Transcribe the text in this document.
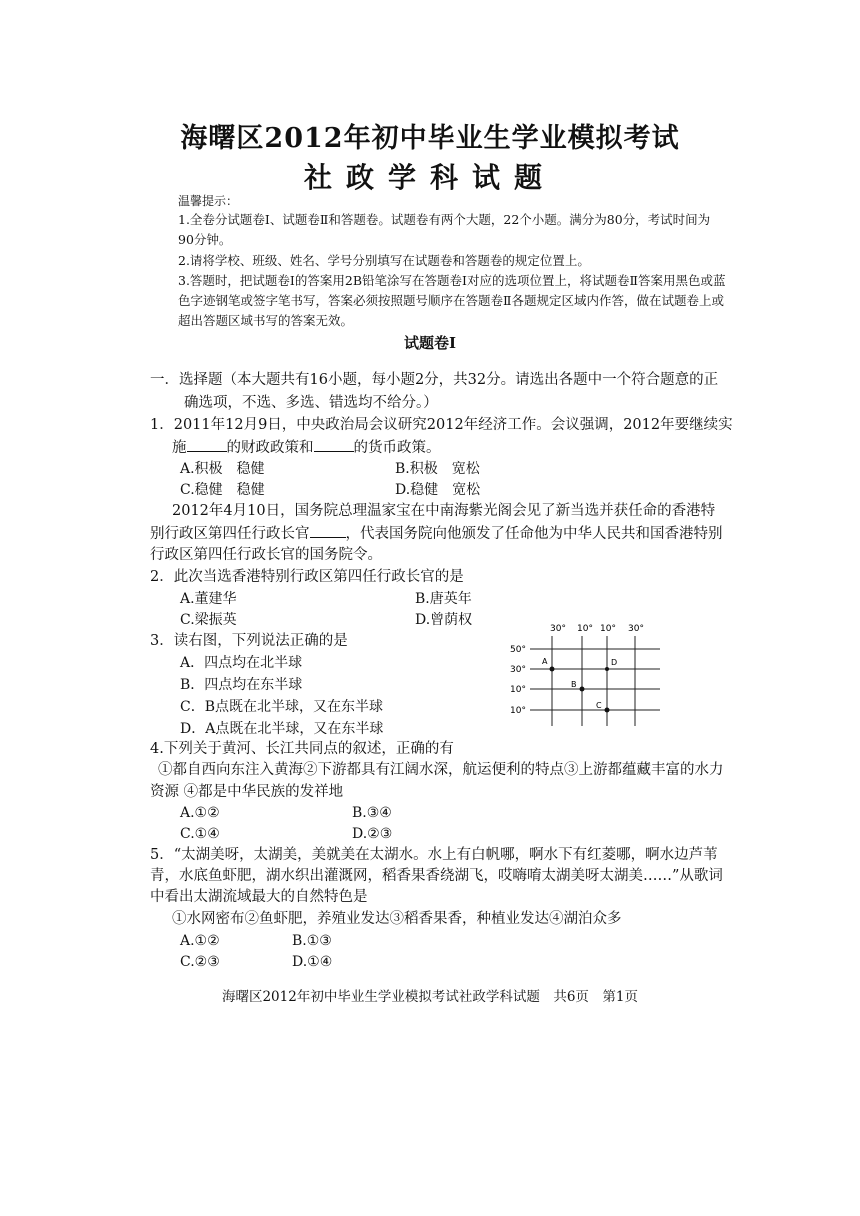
海曙区2012年初中毕业生学业模拟考试
社政学科试题
温馨提示：
1.全卷分试题卷Ⅰ、试题卷Ⅱ和答题卷。试题卷有两个大题，22个小题。满分为80分，考试时间为90分钟。
2.请将学校、班级、姓名、学号分别填写在试题卷和答题卷的规定位置上。
3.答题时，把试题卷Ⅰ的答案用2B铅笔涂写在答题卷Ⅰ对应的选项位置上，将试题卷Ⅱ答案用黑色或蓝色字迹钢笔或签字笔书写，答案必须按照题号顺序在答题卷Ⅱ各题规定区域内作答，做在试题卷上或超出答题区域书写的答案无效。
试题卷Ⅰ
一．选择题（本大题共有16小题，每小题2分，共32分。请选出各题中一个符合题意的正
确选项，不选、多选、错选均不给分。）
1．2011年12月9日，中央政治局会议研究2012年经济工作。会议强调，2012年要继续实
施	的财政政策和	的货币政策。
A.积极　稳健	B.积极　宽松
C.稳健　稳健	D.稳健　宽松
2012年4月10日，国务院总理温家宝在中南海紫光阁会见了新当选并获任命的香港特
别行政区第四任行政长官 ，代表国务院向他颁发了任命他为中华人民共和国香港特别
行政区第四任行政长官的国务院令。
2．此次当选香港特别行政区第四任行政长官的是
A.董建华	B.唐英年
C.梁振英	D.曾荫权
3．读右图，下列说法正确的是
A．四点均在北半球
B．四点均在东半球
C．B点既在北半球，又在东半球
D．A点既在北半球，又在东半球
30° 10° 10° 30°
50°
30°
10°
10°
A
B
C
D
4.下列关于黄河、长江共同点的叙述，正确的有
①都自西向东注入黄海②下游都具有江阔水深，航运便利的特点③上游都蕴藏丰富的水力
资源 ④都是中华民族的发祥地
A.①②	B.③④
C.①④	D.②③
5．“太湖美呀，太湖美，美就美在太湖水。水上有白帆哪，啊水下有红菱哪，啊水边芦苇
青，水底鱼虾肥，湖水织出灌溉网，稻香果香绕湖飞，哎嗨唷太湖美呀太湖美……”从歌词
中看出太湖流域最大的自然特色是
①水网密布②鱼虾肥，养殖业发达③稻香果香，种植业发达④湖泊众多
A.①②	B.①③
C.②③	D.①④
海曙区2012年初中毕业生学业模拟考试社政学科试题　共6页　第1页
